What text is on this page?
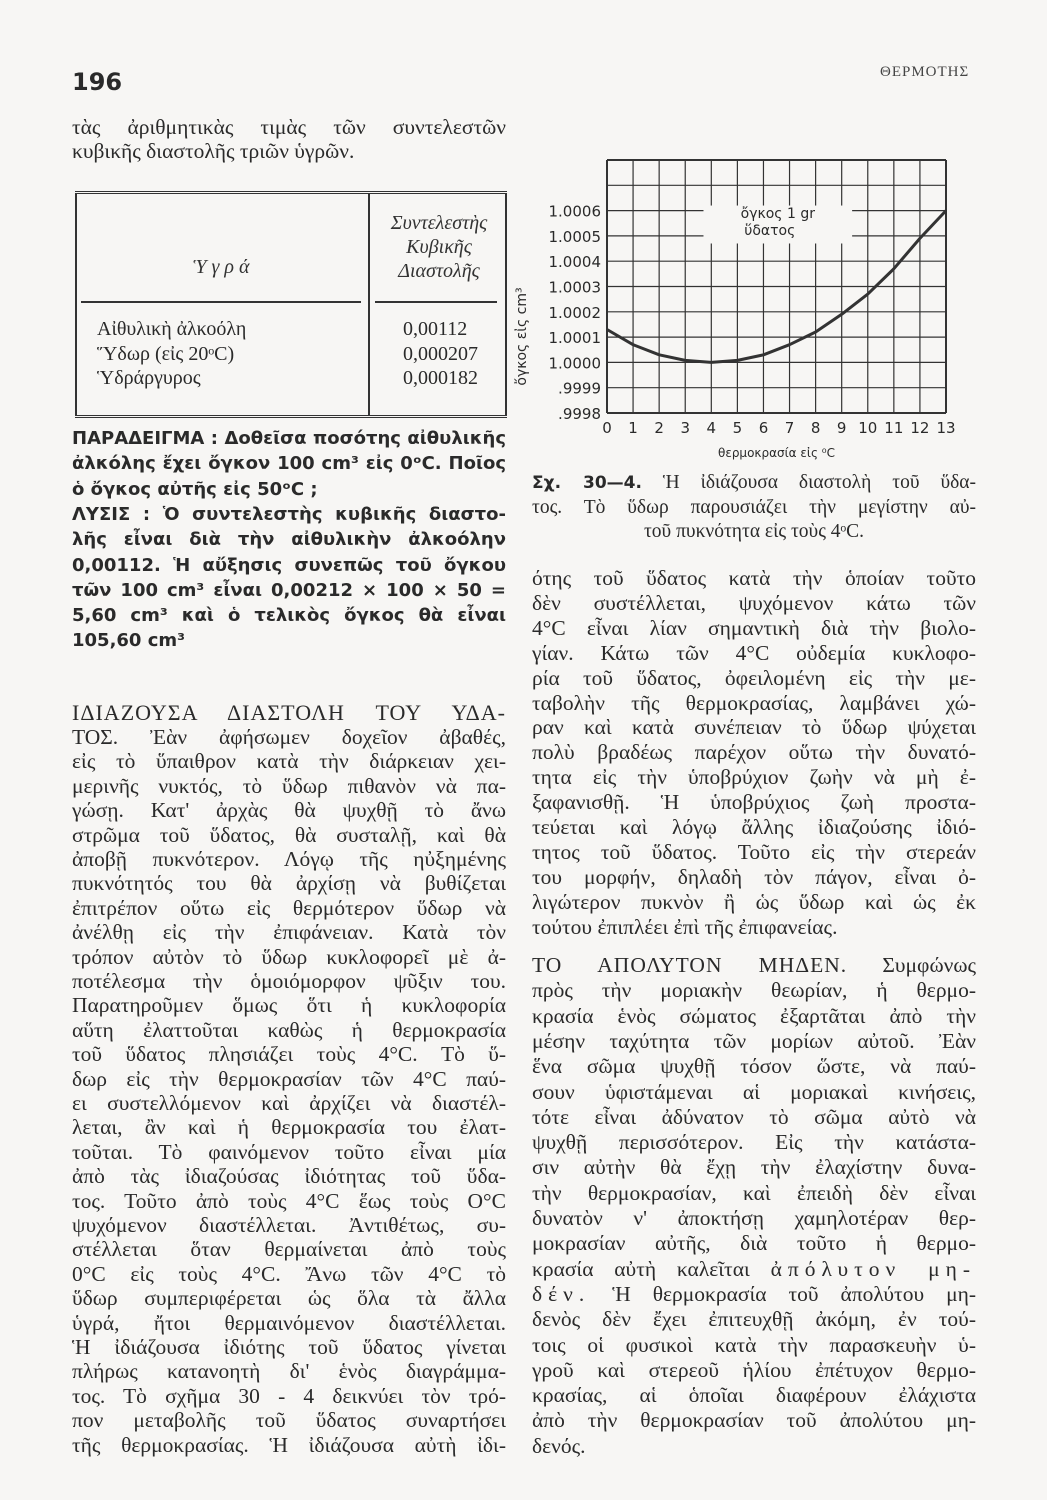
196	ΘΕΡΜΟΤΗΣ
τὰς ἀριθμητικὰς τιμὰς τῶν συντελεστῶν
κυβικῆς διαστολῆς τριῶν ὑγρῶν.
Ὑ γ ρ ά
Συντελεστὴς
Κυβικῆς
Διαστολῆς
Αἰθυλικὴ ἀλκοόλη	0,00112
Ὕδωρ (εἰς 20ᵒC)	0,000207
Ὑδράργυρος	0,000182
ΠΑΡΑΔΕΙΓΜΑ : Δοθεῖσα ποσότης αἰθυλικῆς
ἀλκόλης ἔχει ὄγκον 100 cm³ εἰς 0ᵒC. Ποῖος
ὁ ὄγκος αὐτῆς εἰς 50ᵒC ;
ΛΥΣΙΣ : Ὁ συντελεστὴς κυβικῆς διαστο-
λῆς εἶναι διὰ τὴν αἰθυλικὴν ἀλκοόλην
0,00112. Ἡ αὔξησις συνεπῶς τοῦ ὄγκου
τῶν 100 cm³ εἶναι 0,00212 × 100 × 50 =
5,60 cm³ καὶ ὁ τελικὸς ὄγκος θὰ εἶναι
105,60 cm³
ΙΔΙΑΖΟΥΣΑ ΔΙΑΣΤΟΛΗ ΤΟΥ ΥΔΑ-
ΤΟΣ. Ἐὰν ἀφήσωμεν δοχεῖον ἀβαθές,
εἰς τὸ ὕπαιθρον κατὰ τὴν διάρκειαν χει-
μερινῆς νυκτός, τὸ ὕδωρ πιθανὸν νὰ πα-
γώσῃ. Κατ' ἀρχὰς θὰ ψυχθῇ τὸ ἄνω
στρῶμα τοῦ ὕδατος, θὰ συσταλῇ, καὶ θὰ
ἀποβῇ πυκνότερον. Λόγῳ τῆς ηὐξημένης
πυκνότητός του θὰ ἀρχίσῃ νὰ βυθίζεται
ἐπιτρέπον οὕτω εἰς θερμότερον ὕδωρ νὰ
ἀνέλθῃ εἰς τὴν ἐπιφάνειαν. Κατὰ τὸν
τρόπον αὐτὸν τὸ ὕδωρ κυκλοφορεῖ μὲ ἀ-
ποτέλεσμα τὴν ὁμοιόμορφον ψῦξιν του.
Παρατηροῦμεν ὅμως ὅτι ἡ κυκλοφορία
αὕτη ἐλαττοῦται καθὼς ἡ θερμοκρασία
τοῦ ὕδατος πλησιάζει τοὺς 4°C. Τὸ ὕ-
δωρ εἰς τὴν θερμοκρασίαν τῶν 4°C παύ-
ει συστελλόμενον καὶ ἀρχίζει νὰ διαστέλ-
λεται, ἂν καὶ ἡ θερμοκρασία του ἐλατ-
τοῦται. Τὸ φαινόμενον τοῦτο εἶναι μία
ἀπὸ τὰς ἰδιαζούσας ἰδιότητας τοῦ ὕδα-
τος. Τοῦτο ἀπὸ τοὺς 4°C ἕως τοὺς O°C
ψυχόμενον διαστέλλεται. Ἀντιθέτως, συ-
στέλλεται ὅταν θερμαίνεται ἀπὸ τοὺς
0°C εἰς τοὺς 4°C. Ἄνω τῶν 4°C τὸ
ὕδωρ συμπεριφέρεται ὡς ὅλα τὰ ἄλλα
ὑγρά, ἤτοι θερμαινόμενον διαστέλλεται.
Ἡ ἰδιάζουσα ἰδιότης τοῦ ὕδατος γίνεται
πλήρως κατανοητὴ δι' ἑνὸς διαγράμμα-
τος. Τὸ σχῆμα 30 - 4 δεικνύει τὸν τρό-
πον μεταβολῆς τοῦ ὕδατος συναρτήσει
τῆς θερμοκρασίας. Ἡ ἰδιάζουσα αὐτὴ ἰδι-
ὄγκος 1 gr
ὕδατος
.9998
.9999
1.0000
1.0001
1.0002
1.0003
1.0004
1.0005
1.0006
0 1 2 3 4 5 6 7 8 9 10 11 12 13
θερμοκρασία εἰς ⁰C
ὄγκος εἰς cm³
Σχ. 30—4. Ἡ ἰδιάζουσα διαστολὴ τοῦ ὕδα-
τος. Τὸ ὕδωρ παρουσιάζει τὴν μεγίστην αὐ-
τοῦ πυκνότητα εἰς τοὺς 4ᵒC.
ότης τοῦ ὕδατος κατὰ τὴν ὁποίαν τοῦτο
δὲν συστέλλεται, ψυχόμενον κάτω τῶν
4°C εἶναι λίαν σημαντικὴ διὰ τὴν βιολο-
γίαν. Κάτω τῶν 4°C οὐδεμία κυκλοφο-
ρία τοῦ ὕδατος, ὀφειλομένη εἰς τὴν με-
ταβολὴν τῆς θερμοκρασίας, λαμβάνει χώ-
ραν καὶ κατὰ συνέπειαν τὸ ὕδωρ ψύχεται
πολὺ βραδέως παρέχον οὕτω τὴν δυνατό-
τητα εἰς τὴν ὑποβρύχιον ζωὴν νὰ μὴ ἐ-
ξαφανισθῇ. Ἡ ὑποβρύχιος ζωὴ προστα-
τεύεται καὶ λόγῳ ἄλλης ἰδιαζούσης ἰδιό-
τητος τοῦ ὕδατος. Τοῦτο εἰς τὴν στερεάν
του μορφήν, δηλαδὴ τὸν πάγον, εἶναι ὀ-
λιγώτερον πυκνὸν ἢ ὡς ὕδωρ καὶ ὡς ἐκ
τούτου ἐπιπλέει ἐπὶ τῆς ἐπιφανείας.
ΤΟ ΑΠΟΛΥΤΟΝ ΜΗΔΕΝ. Συμφώνως
πρὸς τὴν μοριακὴν θεωρίαν, ἡ θερμο-
κρασία ἑνὸς σώματος ἐξαρτᾶται ἀπὸ τὴν
μέσην ταχύτητα τῶν μορίων αὐτοῦ. Ἐὰν
ἕνα σῶμα ψυχθῇ τόσον ὥστε, νὰ παύ-
σουν ὑφιστάμεναι αἱ μοριακαὶ κινήσεις,
τότε εἶναι ἀδύνατον τὸ σῶμα αὐτὸ νὰ
ψυχθῇ περισσότερον. Εἰς τὴν κατάστα-
σιν αὐτὴν θὰ ἔχῃ τὴν ἐλαχίστην δυνα-
τὴν θερμοκρασίαν, καὶ ἐπειδὴ δὲν εἶναι
δυνατὸν ν' ἀποκτήσῃ χαμηλοτέραν θερ-
μοκρασίαν αὐτῆς, διὰ τοῦτο ἡ θερμο-
κρασία αὐτὴ καλεῖται ἀπόλυτον μη-
δέν. Ἡ θερμοκρασία τοῦ ἀπολύτου μη-
δενὸς δὲν ἔχει ἐπιτευχθῇ ἀκόμη, ἐν τού-
τοις οἱ φυσικοὶ κατὰ τὴν παρασκευὴν ὑ-
γροῦ καὶ στερεοῦ ἡλίου ἐπέτυχον θερμο-
κρασίας, αἱ ὁποῖαι διαφέρουν ἐλάχιστα
ἀπὸ τὴν θερμοκρασίαν τοῦ ἀπολύτου μη-
δενός.
